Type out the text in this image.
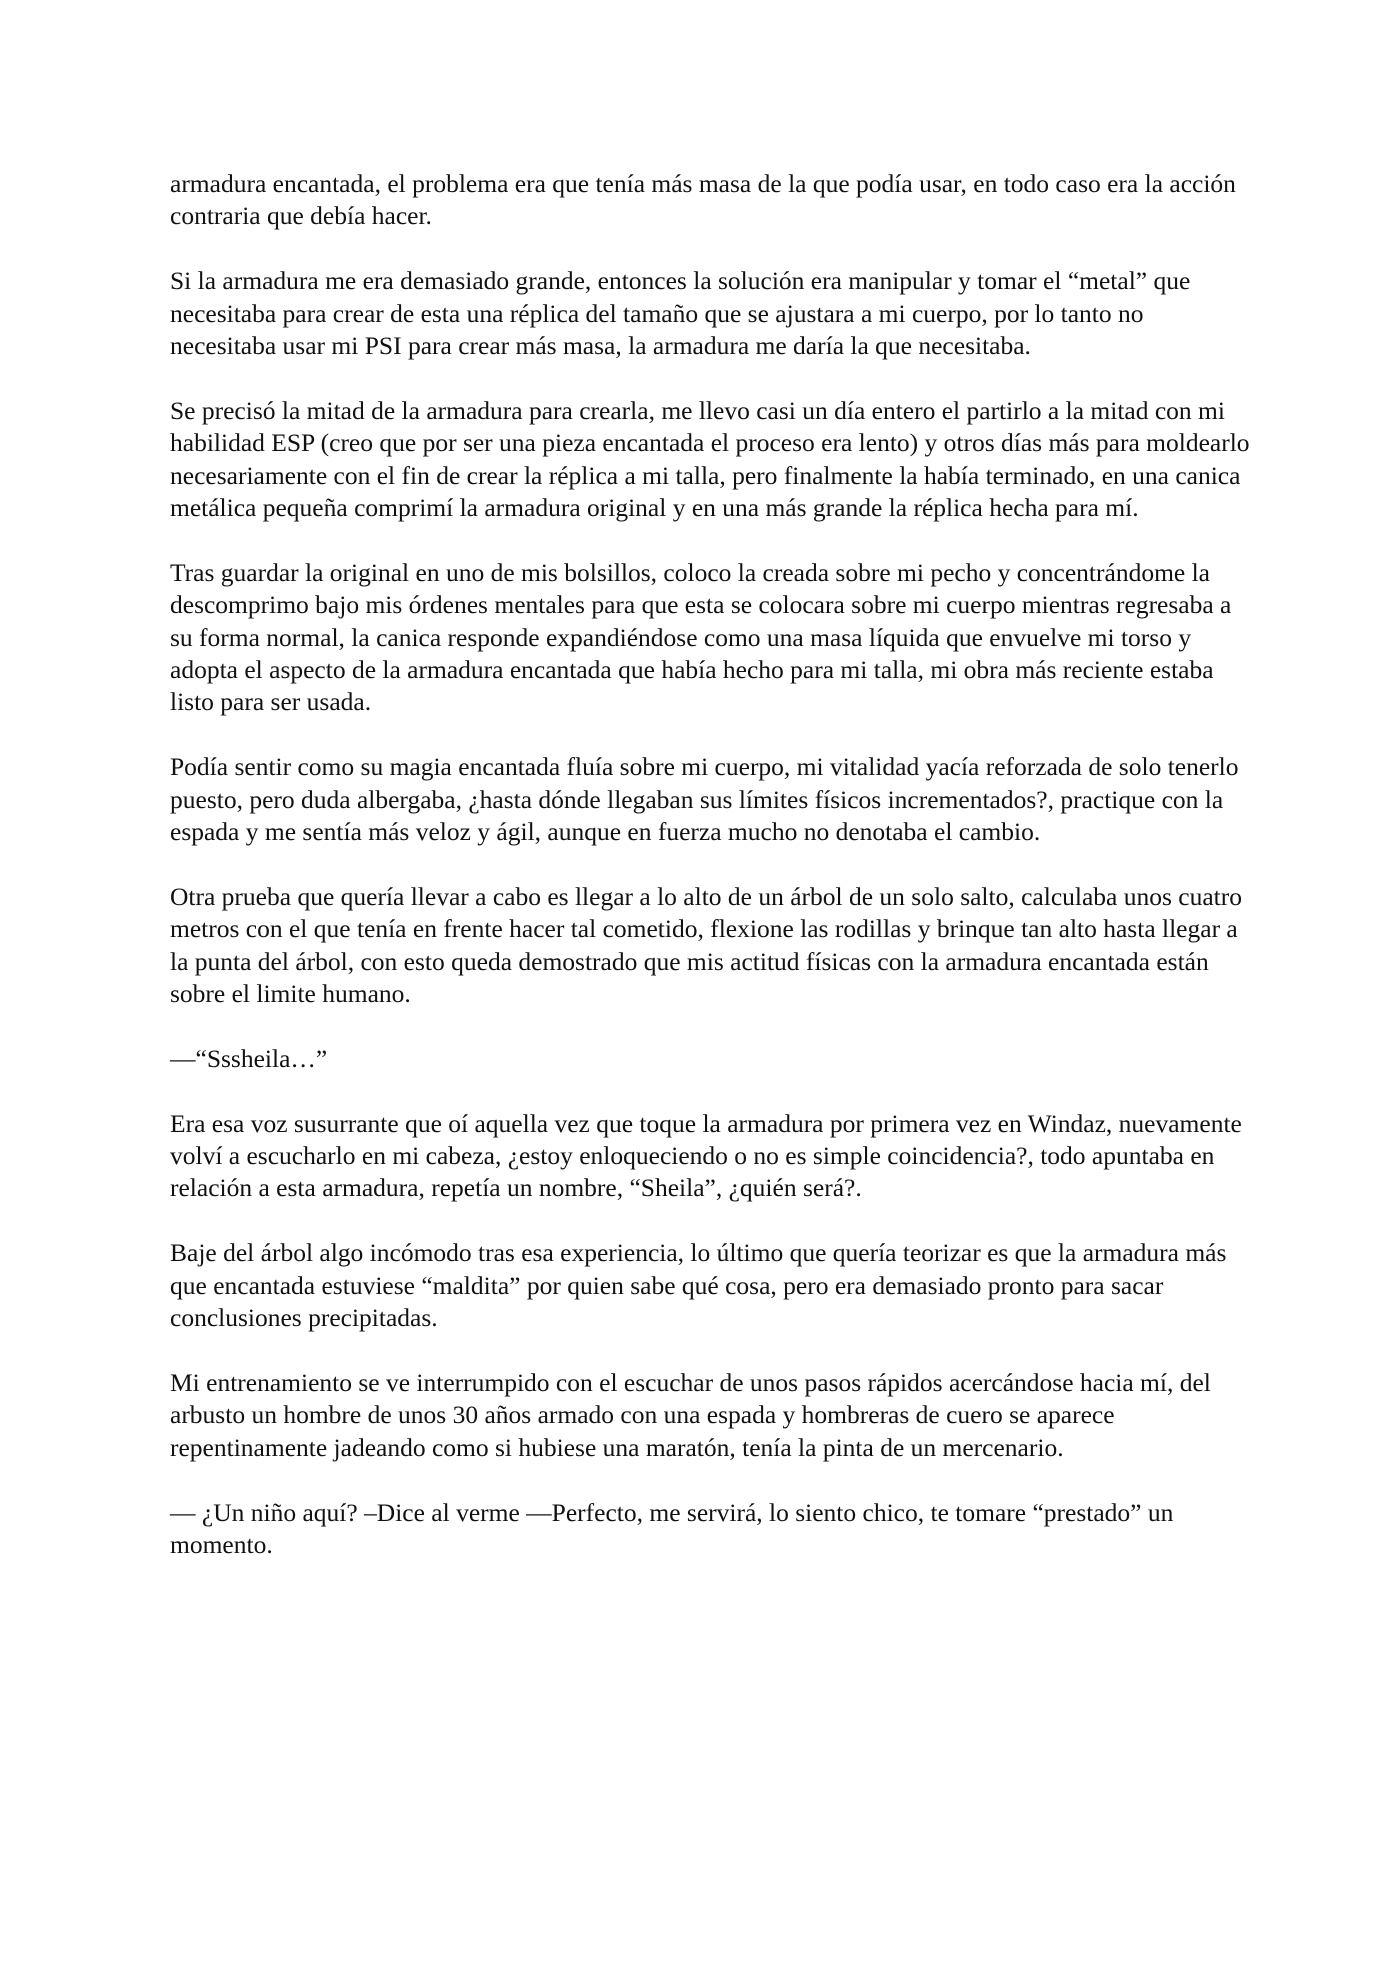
armadura encantada, el problema era que tenía más masa de la que podía usar, en todo caso era la acción contraria que debía hacer.

Si la armadura me era demasiado grande, entonces la solución era manipular y tomar el “metal” que necesitaba para crear de esta una réplica del tamaño que se ajustara a mi cuerpo, por lo tanto no necesitaba usar mi PSI para crear más masa, la armadura me daría la que necesitaba.

Se precisó la mitad de la armadura para crearla, me llevo casi un día entero el partirlo a la mitad con mi habilidad ESP (creo que por ser una pieza encantada el proceso era lento) y otros días más para moldearlo necesariamente con el fin de crear la réplica a mi talla, pero finalmente la había terminado, en una canica metálica pequeña comprimí la armadura original y en una más grande la réplica hecha para mí.

Tras guardar la original en uno de mis bolsillos, coloco la creada sobre mi pecho y concentrándome la descomprimo bajo mis órdenes mentales para que esta se colocara sobre mi cuerpo mientras regresaba a su forma normal, la canica responde expandiéndose como una masa líquida que envuelve mi torso y adopta el aspecto de la armadura encantada que había hecho para mi talla, mi obra más reciente estaba listo para ser usada.

Podía sentir como su magia encantada fluía sobre mi cuerpo, mi vitalidad yacía reforzada de solo tenerlo puesto, pero duda albergaba, ¿hasta dónde llegaban sus límites físicos incrementados?, practique con la espada y me sentía más veloz y ágil, aunque en fuerza mucho no denotaba el cambio.

Otra prueba que quería llevar a cabo es llegar a lo alto de un árbol de un solo salto, calculaba unos cuatro metros con el que tenía en frente hacer tal cometido, flexione las rodillas y brinque tan alto hasta llegar a la punta del árbol, con esto queda demostrado que mis actitud físicas con la armadura encantada están sobre el limite humano.

—“Sssheila…”

Era esa voz susurrante que oí aquella vez que toque la armadura por primera vez en Windaz, nuevamente volví a escucharlo en mi cabeza, ¿estoy enloqueciendo o no es simple coincidencia?, todo apuntaba en relación a esta armadura, repetía un nombre, “Sheila”, ¿quién será?.

Baje del árbol algo incómodo tras esa experiencia, lo último que quería teorizar es que la armadura más que encantada estuviese “maldita” por quien sabe qué cosa, pero era demasiado pronto para sacar conclusiones precipitadas.

Mi entrenamiento se ve interrumpido con el escuchar de unos pasos rápidos acercándose hacia mí, del arbusto un hombre de unos 30 años armado con una espada y hombreras de cuero se aparece repentinamente jadeando como si hubiese una maratón, tenía la pinta de un mercenario.

— ¿Un niño aquí? –Dice al verme —Perfecto, me servirá, lo siento chico, te tomare “prestado” un momento.
